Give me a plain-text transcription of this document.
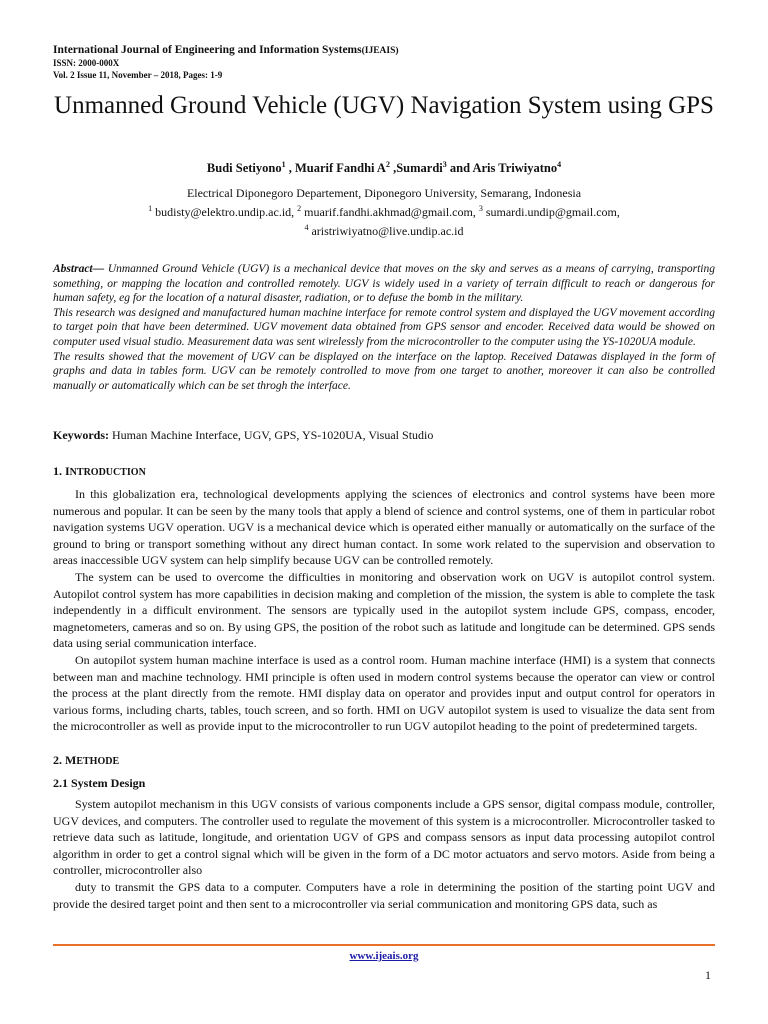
International Journal of Engineering and Information Systems(IJEAIS)
ISSN: 2000-000X
Vol. 2 Issue 11, November – 2018, Pages: 1-9
Unmanned Ground Vehicle (UGV) Navigation System using GPS
Budi Setiyono$^1$ , Muarif Fandhi $A^2$ ,Sumardi$^3$ and Aris Triwiyatno$^4$
Electrical Diponegoro Departement, Diponegoro University, Semarang, Indonesia
$^1$ budisty@elektro.undip.ac.id, $^2$ muarif.fandhi.akhmad@gmail.com, $^3$ sumardi.undip@gmail.com,
$^4$ aristriwiyatno@live.undip.ac.id

Abstract— Unmanned Ground Vehicle (UGV) is a mechanical device that moves on the sky and serves as a means of carrying, transporting something, or mapping the location and controlled remotely. UGV is widely used in a variety of terrain difficult to reach or dangerous for human safety, eg for the location of a natural disaster, radiation, or to defuse the bomb in the military.

This research was designed and manufactured human machine interface for remote control system and displayed the UGV movement according to target poin that have been determined. UGV movement data obtained from GPS sensor and encoder. Received data would be showed on computer used visual studio. Measurement data was sent wirelessly from the microcontroller to the computer using the YS-1020UA module.

The results showed that the movement of UGV can be displayed on the interface on the laptop. Received Datawas displayed in the form of graphs and data in tables form. UGV can be remotely controlled to move from one target to another, moreover it can also be controlled manually or automatically which can be set throgh the interface.

Keywords: Human Machine Interface, UGV, GPS, YS-1020UA, Visual Studio
1. INTRODUCTION

In this globalization era, technological developments applying the sciences of electronics and control systems have been more numerous and popular. It can be seen by the many tools that apply a blend of science and control systems, one of them in particular robot navigation systems UGV operation. UGV is a mechanical device which is operated either manually or automatically on the surface of the ground to bring or transport something without any direct human contact. In some work related to the supervision and observation to areas inaccessible UGV system can help simplify because UGV can be controlled remotely.

The system can be used to overcome the difficulties in monitoring and observation work on UGV is autopilot control system. Autopilot control system has more capabilities in decision making and completion of the mission, the system is able to complete the task independently in a difficult environment. The sensors are typically used in the autopilot system include GPS, compass, encoder, magnetometers, cameras and so on. By using GPS, the position of the robot such as latitude and longitude can be determined. GPS sends data using serial communication interface.

On autopilot system human machine interface is used as a control room. Human machine interface (HMI) is a system that connects between man and machine technology. HMI principle is often used in modern control systems because the operator can view or control the process at the plant directly from the remote. HMI display data on operator and provides input and output control for operators in various forms, including charts, tables, touch screen, and so forth. HMI on UGV autopilot system is used to visualize the data sent from the microcontroller as well as provide input to the microcontroller to run UGV autopilot heading to the point of predetermined targets.

2. METHODE
2.1 System Design

System autopilot mechanism in this UGV consists of various components include a GPS sensor, digital compass module, controller, UGV devices, and computers. The controller used to regulate the movement of this system is a microcontroller. Microcontroller tasked to retrieve data such as latitude, longitude, and orientation UGV of GPS and compass sensors as input data processing autopilot control algorithm in order to get a control signal which will be given in the form of a DC motor actuators and servo motors. Aside from being a controller, microcontroller also

duty to transmit the GPS data to a computer. Computers have a role in determining the position of the starting point UGV and provide the desired target point and then sent to a microcontroller via serial communication and monitoring GPS data, such as

www.ijeais.org
1
